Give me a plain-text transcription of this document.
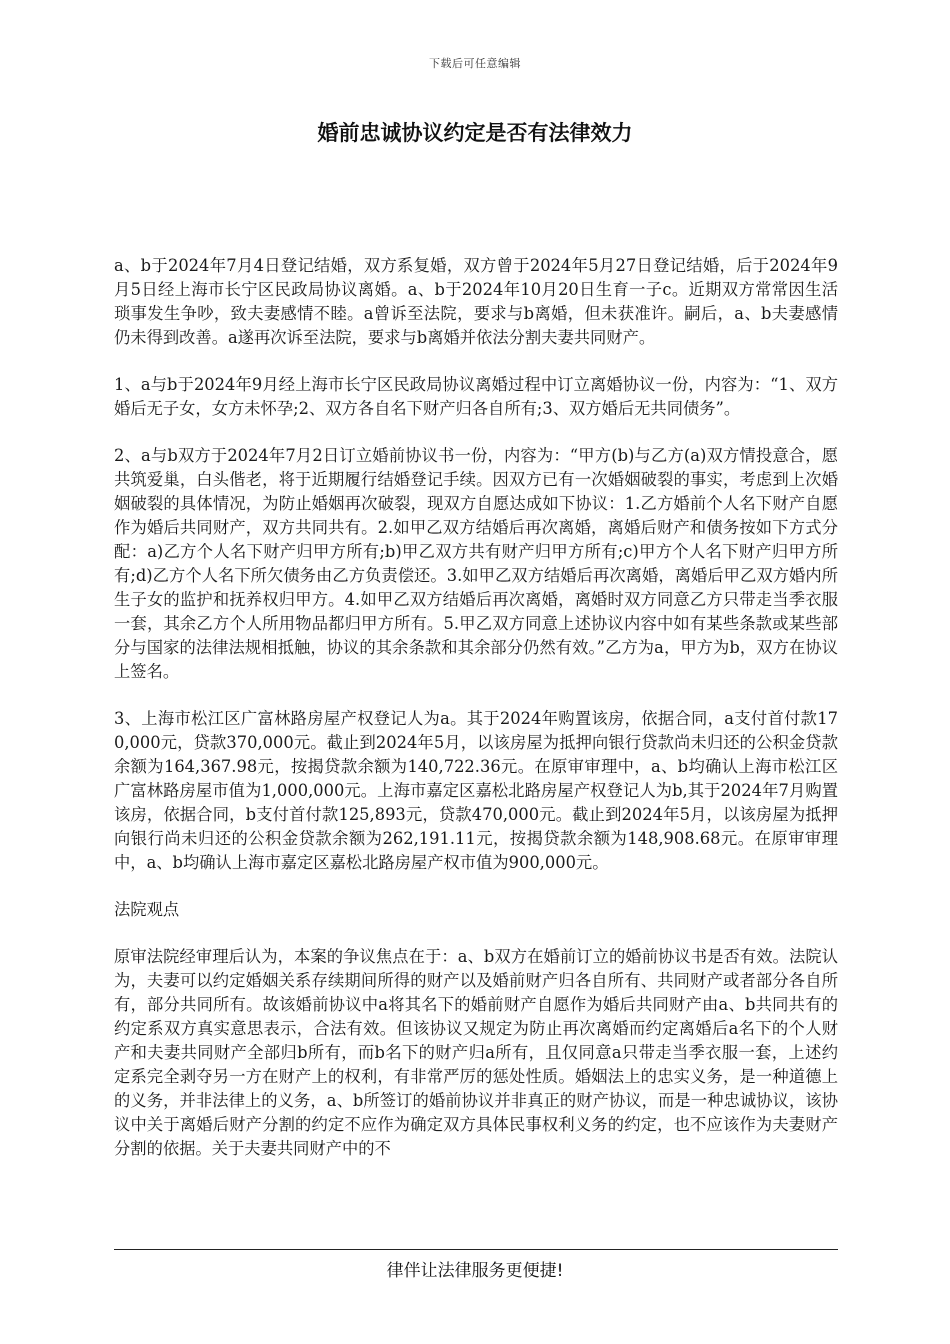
下载后可任意编辑
婚前忠诚协议约定是否有法律效力

a、b于2024年7月4日登记结婚，双方系复婚，双方曾于2024年5月27日登记结婚，后于2024年9月5日经上海市长宁区民政局协议离婚。a、b于2024年10月20日生育一子c。近期双方常常因生活琐事发生争吵，致夫妻感情不睦。a曾诉至法院，要求与b离婚，但未获准许。嗣后，a、b夫妻感情仍未得到改善。a遂再次诉至法院，要求与b离婚并依法分割夫妻共同财产。

1、a与b于2024年9月经上海市长宁区民政局协议离婚过程中订立离婚协议一份，内容为：“1、双方婚后无子女，女方未怀孕;2、双方各自名下财产归各自所有;3、双方婚后无共同债务”。

2、a与b双方于2024年7月2日订立婚前协议书一份，内容为：“甲方(b)与乙方(a)双方情投意合，愿共筑爱巢，白头偕老，将于近期履行结婚登记手续。因双方已有一次婚姻破裂的事实，考虑到上次婚姻破裂的具体情况，为防止婚姻再次破裂，现双方自愿达成如下协议：1.乙方婚前个人名下财产自愿作为婚后共同财产，双方共同共有。2.如甲乙双方结婚后再次离婚，离婚后财产和债务按如下方式分配：a)乙方个人名下财产归甲方所有;b)甲乙双方共有财产归甲方所有;c)甲方个人名下财产归甲方所有;d)乙方个人名下所欠债务由乙方负责偿还。3.如甲乙双方结婚后再次离婚，离婚后甲乙双方婚内所生子女的监护和抚养权归甲方。4.如甲乙双方结婚后再次离婚，离婚时双方同意乙方只带走当季衣服一套，其余乙方个人所用物品都归甲方所有。5.甲乙双方同意上述协议内容中如有某些条款或某些部分与国家的法律法规相抵触，协议的其余条款和其余部分仍然有效。”乙方为a，甲方为b，双方在协议上签名。

3、上海市松江区广富林路房屋产权登记人为a。其于2024年购置该房，依据合同，a支付首付款170,000元，贷款370,000元。截止到2024年5月，以该房屋为抵押向银行贷款尚未归还的公积金贷款余额为164,367.98元，按揭贷款余额为140,722.36元。在原审审理中，a、b均确认上海市松江区广富林路房屋市值为1,000,000元。上海市嘉定区嘉松北路房屋产权登记人为b,其于2024年7月购置该房，依据合同，b支付首付款125,893元，贷款470,000元。截止到2024年5月，以该房屋为抵押向银行尚未归还的公积金贷款余额为262,191.11元，按揭贷款余额为148,908.68元。在原审审理中，a、b均确认上海市嘉定区嘉松北路房屋产权市值为900,000元。

法院观点

原审法院经审理后认为，本案的争议焦点在于：a、b双方在婚前订立的婚前协议书是否有效。法院认为，夫妻可以约定婚姻关系存续期间所得的财产以及婚前财产归各自所有、共同财产或者部分各自所有，部分共同所有。故该婚前协议中a将其名下的婚前财产自愿作为婚后共同财产由a、b共同共有的约定系双方真实意思表示，合法有效。但该协议又规定为防止再次离婚而约定离婚后a名下的个人财产和夫妻共同财产全部归b所有，而b名下的财产归a所有，且仅同意a只带走当季衣服一套，上述约定系完全剥夺另一方在财产上的权利，有非常严厉的惩处性质。婚姻法上的忠实义务，是一种道德上的义务，并非法律上的义务，a、b所签订的婚前协议并非真正的财产协议，而是一种忠诚协议，该协议中关于离婚后财产分割的约定不应作为确定双方具体民事权利义务的约定，也不应该作为夫妻财产分割的依据。关于夫妻共同财产中的不

律伴让法律服务更便捷!
